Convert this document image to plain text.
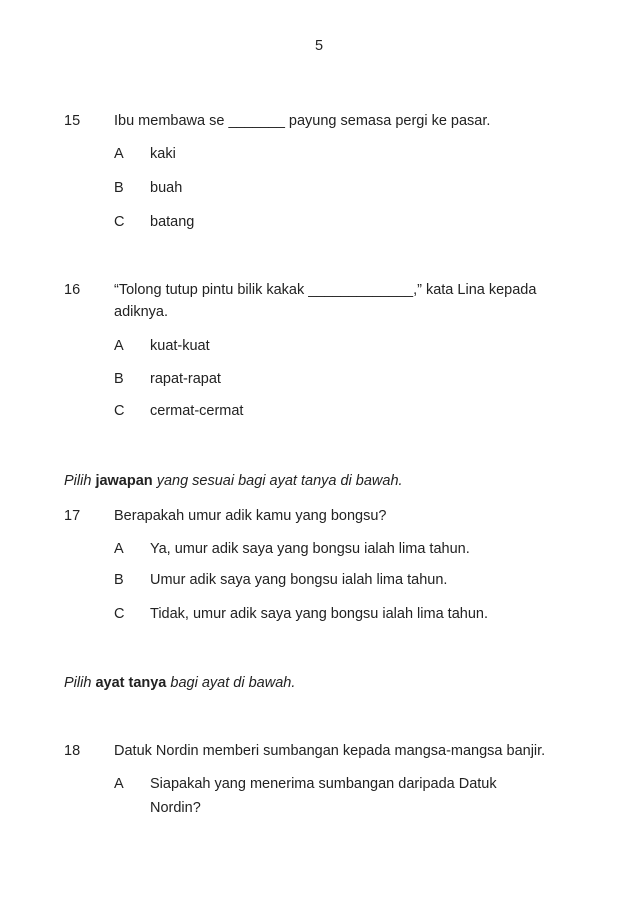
5
15 Ibu membawa se _______ payung semasa pergi ke pasar.
A kaki
B buah
C batang
16 “Tolong tutup pintu bilik kakak _____________,” kata Lina kepada
adiknya.
A kuat-kuat
B rapat-rapat
C cermat-cermat
Pilih jawapan yang sesuai bagi ayat tanya di bawah.
17 Berapakah umur adik kamu yang bongsu?
A Ya, umur adik saya yang bongsu ialah lima tahun.
B Umur adik saya yang bongsu ialah lima tahun.
C Tidak, umur adik saya yang bongsu ialah lima tahun.
Pilih ayat tanya bagi ayat di bawah.
18 Datuk Nordin memberi sumbangan kepada mangsa-mangsa banjir.
A Siapakah yang menerima sumbangan daripada Datuk
Nordin?
